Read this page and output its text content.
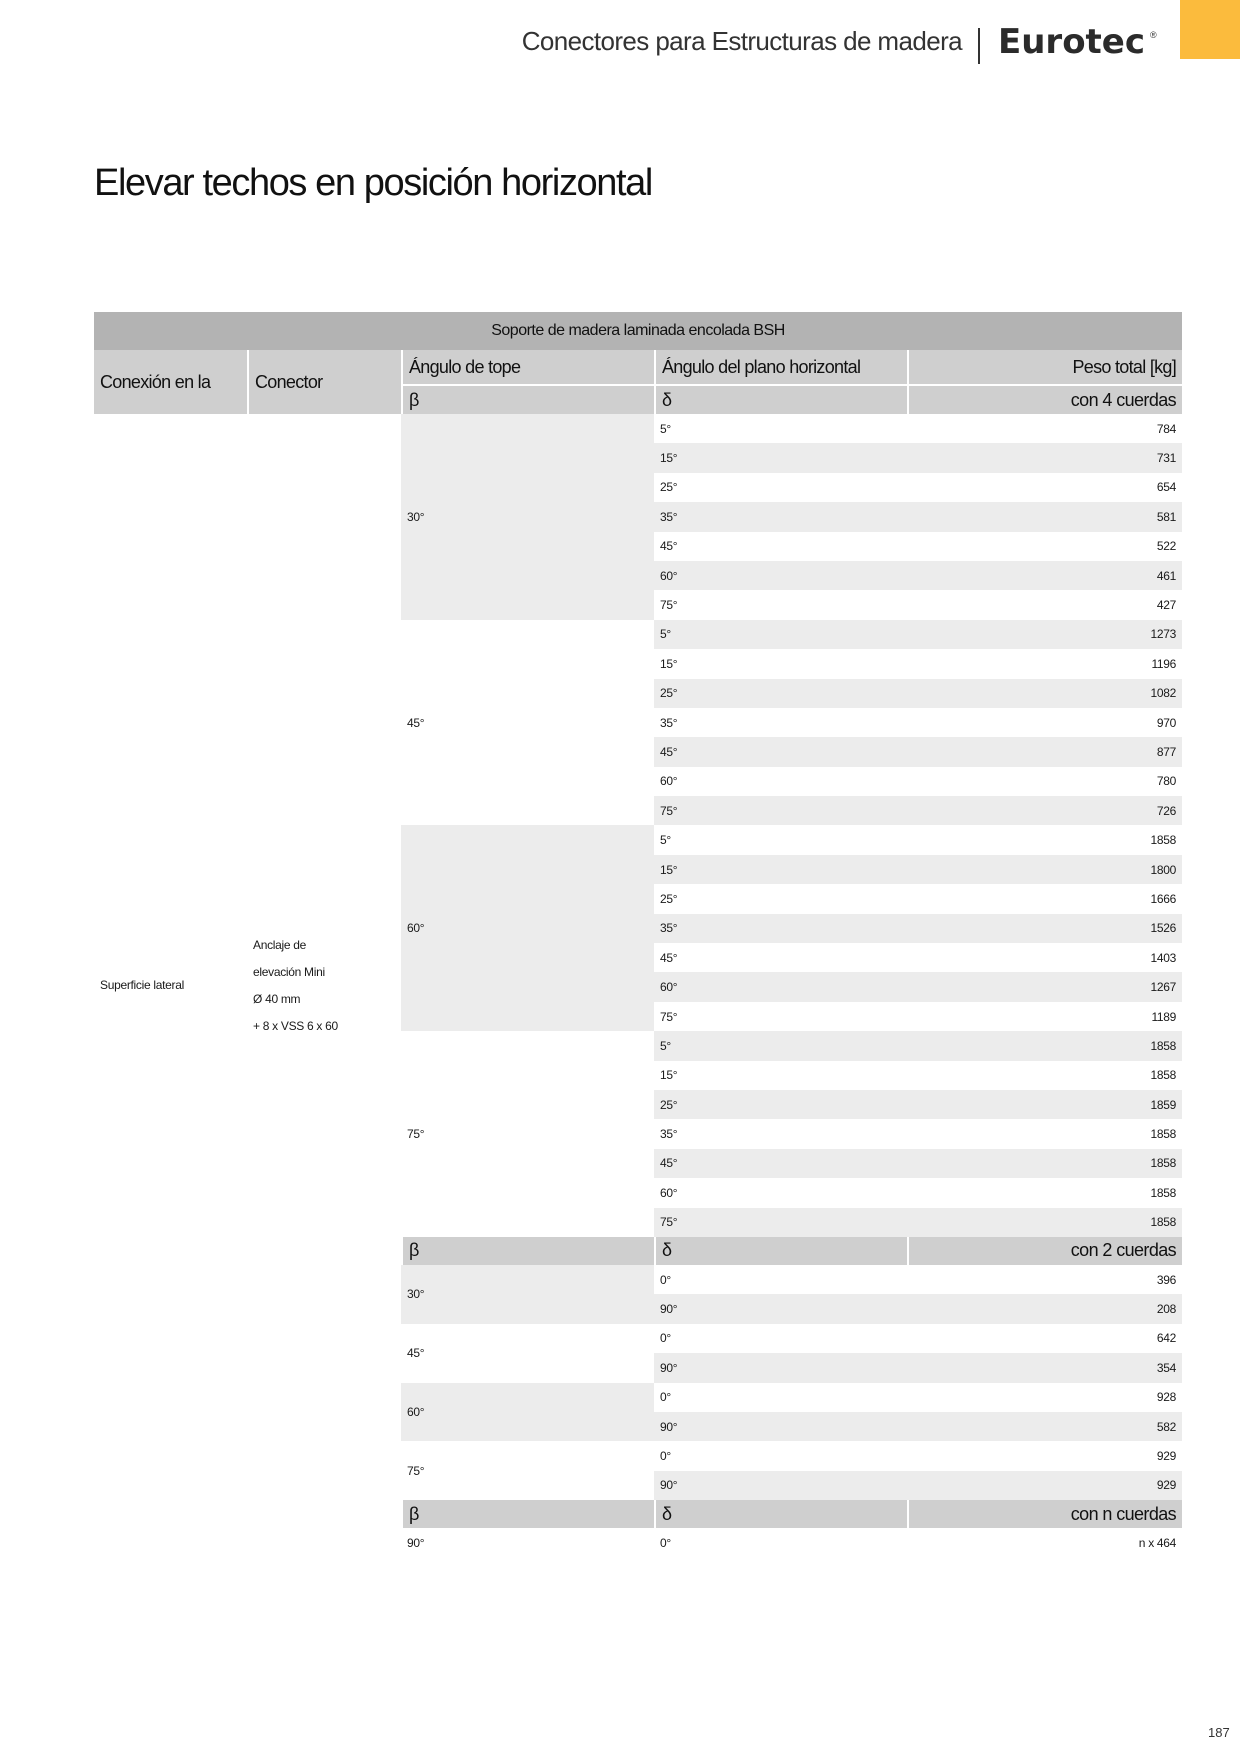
Conectores para Estructuras de madera Eurotec ®
Elevar techos en posición horizontal
Soporte de madera laminada encolada BSH				
Conexión en la	Conector	Ángulo de tope	Ángulo del plano horizontal	Peso total [kg]
		β	δ	con 4 cuerdas
Superficie lateral	Anclaje de
elevación Mini
Ø 40 mm
+ 8 x VSS 6 x 60	30°	5°	784
			15°	731
			25°	654
			35°	581
			45°	522
			60°	461
			75°	427
		45°	5°	1273
			15°	1196
			25°	1082
			35°	970
			45°	877
			60°	780
			75°	726
		60°	5°	1858
			15°	1800
			25°	1666
			35°	1526
			45°	1403
			60°	1267
			75°	1189
		75°	5°	1858
			15°	1858
			25°	1859
			35°	1858
			45°	1858
			60°	1858
			75°	1858
		β	δ	con 2 cuerdas
		30°	0°	396
			90°	208
		45°	0°	642
			90°	354
		60°	0°	928
			90°	582
		75°	0°	929
			90°	929
		β	δ	con n cuerdas
		90°	0°	n x 464
187
